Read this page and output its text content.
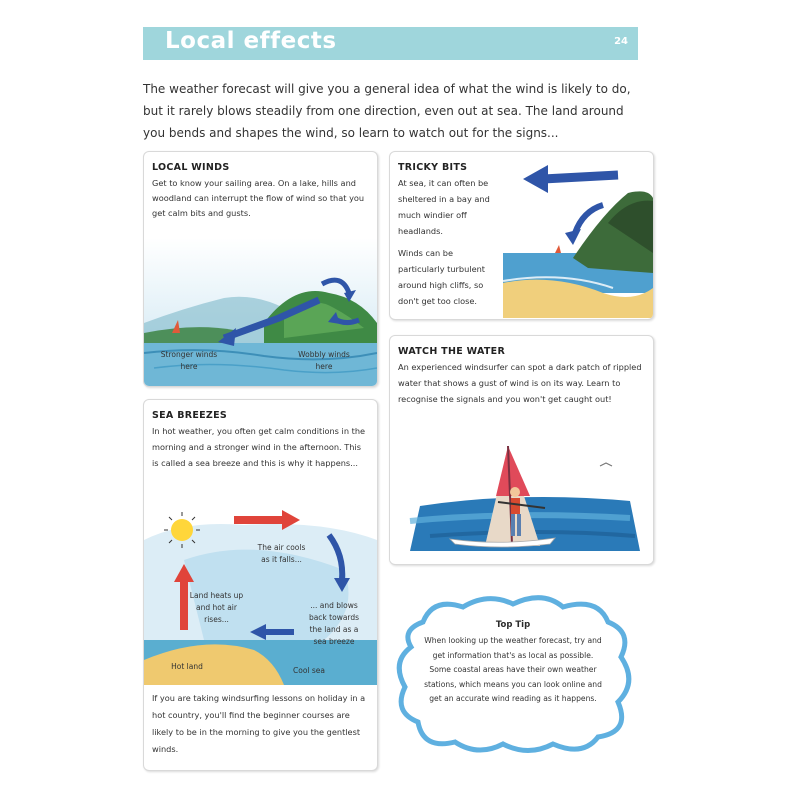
Local effects	24
The weather forecast will give you a general idea of what the wind is likely to do, but it rarely blows steadily from one direction, even out at sea. The land around you bends and shapes the wind, so learn to watch out for the signs...
LOCAL WINDS

Get to know your sailing area. On a lake, hills and woodland can interrupt the flow of wind so that you get calm bits and gusts.

Stronger winds here
Wobbly winds here
TRICKY BITS

At sea, it can often be sheltered in a bay and much windier off headlands.

Winds can be particularly turbulent around high cliffs, so don't get too close.

WATCH THE WATER

An experienced windsurfer can spot a dark patch of rippled water that shows a gust of wind is on its way. Learn to recognise the signals and you won't get caught out!

SEA BREEZES

In hot weather, you often get calm conditions in the morning and a stronger wind in the afternoon. This is called a sea breeze and this is why it happens...

The air cools as it falls...
Land heats up and hot air rises...
... and blows back towards the land as a sea breeze
Hot land	Cool sea

If you are taking windsurfing lessons on holiday in a hot country, you'll find the beginner courses are likely to be in the morning to give you the gentlest winds.

Top Tip
When looking up the weather forecast, try and get information that's as local as possible. Some coastal areas have their own weather stations, which means you can look online and get an accurate wind reading as it happens.
